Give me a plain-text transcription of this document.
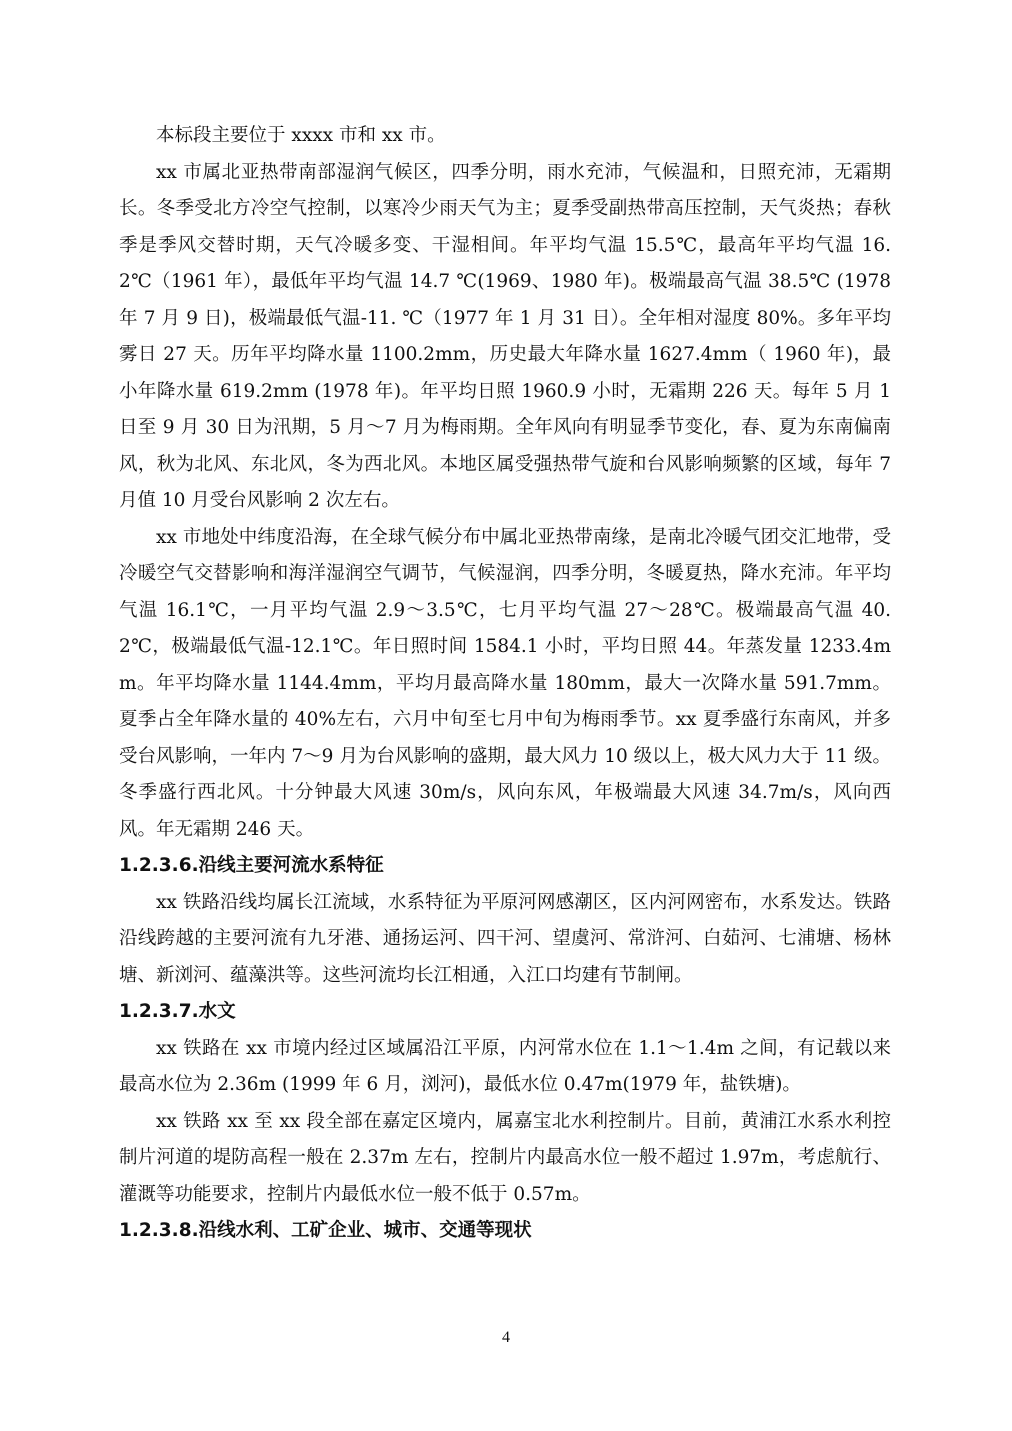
本标段主要位于 xxxx 市和 xx 市。

xx 市属北亚热带南部湿润气候区，四季分明，雨水充沛，气候温和，日照充沛，无霜期长。冬季受北方冷空气控制，以寒冷少雨天气为主；夏季受副热带高压控制，天气炎热；春秋季是季风交替时期，天气冷暖多变、干湿相间。年平均气温 15.5℃，最高年平均气温 16.2℃（1961 年），最低年平均气温 14.7 ℃(1969、1980 年)。极端最高气温 38.5℃ (1978 年 7 月 9 日)，极端最低气温-11. ℃（1977 年 1 月 31 日）。全年相对湿度 80%。多年平均雾日 27 天。历年平均降水量 1100.2mm，历史最大年降水量 1627.4mm（ 1960 年)，最小年降水量 619.2mm (1978 年)。年平均日照 1960.9 小时，无霜期 226 天。每年 5 月 1 日至 9 月 30 日为汛期，5 月～7 月为梅雨期。全年风向有明显季节变化，春、夏为东南偏南风，秋为北风、东北风，冬为西北风。本地区属受强热带气旋和台风影响频繁的区域，每年 7 月值 10 月受台风影响 2 次左右。

xx 市地处中纬度沿海，在全球气候分布中属北亚热带南缘，是南北冷暖气团交汇地带，受冷暖空气交替影响和海洋湿润空气调节，气候湿润，四季分明，冬暖夏热，降水充沛。年平均气温 16.1℃，一月平均气温 2.9～3.5℃，七月平均气温 27～28℃。极端最高气温 40.2℃，极端最低气温-12.1℃。年日照时间 1584.1 小时，平均日照 44。年蒸发量 1233.4mm。年平均降水量 1144.4mm，平均月最高降水量 180mm，最大一次降水量 591.7mm。夏季占全年降水量的 40%左右，六月中旬至七月中旬为梅雨季节。xx 夏季盛行东南风，并多受台风影响，一年内 7～9 月为台风影响的盛期，最大风力 10 级以上，极大风力大于 11 级。冬季盛行西北风。十分钟最大风速 30m/s，风向东风，年极端最大风速 34.7m/s，风向西风。年无霜期 246 天。

1.2.3.6.沿线主要河流水系特征

xx 铁路沿线均属长江流域，水系特征为平原河网感潮区，区内河网密布，水系发达。铁路沿线跨越的主要河流有九牙港、通扬运河、四干河、望虞河、常浒河、白茹河、七浦塘、杨林塘、新浏河、蕴藻洪等。这些河流均长江相通，入江口均建有节制闸。

1.2.3.7.水文

xx 铁路在 xx 市境内经过区域属沿江平原，内河常水位在 1.1～1.4m 之间，有记载以来最高水位为 2.36m (1999 年 6 月，浏河)，最低水位 0.47m(1979 年，盐铁塘)。

xx 铁路 xx 至 xx 段全部在嘉定区境内，属嘉宝北水利控制片。目前，黄浦江水系水利控制片河道的堤防高程一般在 2.37m 左右，控制片内最高水位一般不超过 1.97m，考虑航行、灌溉等功能要求，控制片内最低水位一般不低于 0.57m。

1.2.3.8.沿线水利、工矿企业、城市、交通等现状

4
